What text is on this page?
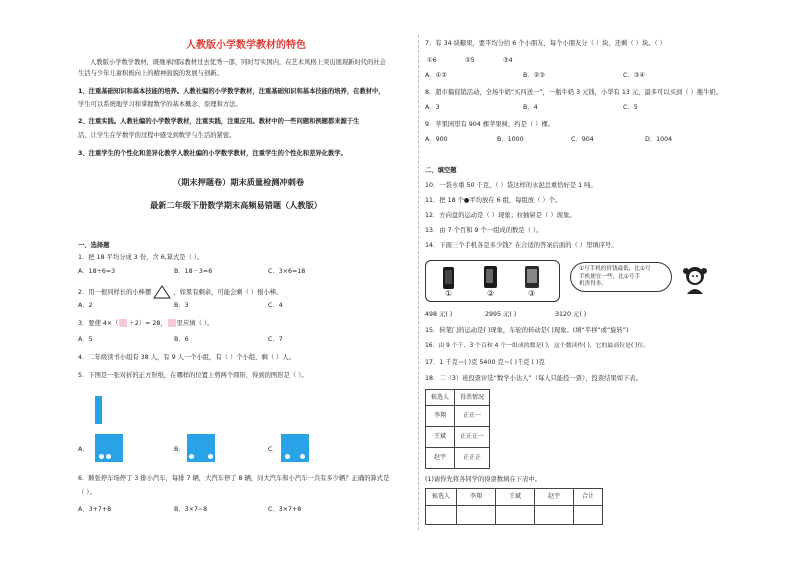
人教版小学数学教材的特色
人教版小学数学教材，既继承国际教材过去优秀一部，同时写实国内，在艺术风格上突出展现新时代的社会
生活与少年儿童积极向上的精神面貌的发展与创新。
1、注重基础知识和基本技能的培养。人教社编的小学数学教材，注重基础知识和基本技能的培养，在教材中，
学生可以系统地学习和掌握数学的基本概念、原理和方法。
2、注重实践。人教社编的小学数学教材，注重实践，注重应用。教材中的一些问题和例题都来源于生
活，让学生在学数学的过程中感受到数学与生活的紧密。
3、注重学生的个性化和差异化教学人教社编的小学数学教材，注重学生的个性化和差异化教学。
（期末押题卷）期末质量检测冲刺卷
最新二年级下册数学期末高频易错题（人教版）
一、选择题
1．把 18 平均分成 3 份，含 6,算式是（ ）。
A．18÷6=3	B．18－3=6	C．3×6=18
2．用一根同样长的小棒摆	，如果有剩余，可能会剩（ ）根小棒。
A．2	B．3	C．4
3．要使 4×（ ＋2）= 28， 里应填（ ）。
A．5	B．6	C．7
4．二年级读书小组有 38 人，有 9 人一个小组，有（ ）个小组，剩（ ）人。
5．下图是一张对折的正方形纸，在哪样的位置上剪两个圆形，得到的图形是（ ）。
A．	B．	C．
6．顺张停车场停了 3 排小汽车，每排 7 辆，大汽车停了 8 辆，问大汽车和小汽车一共有多少辆？正确的算式是
（ ）。
A．3+7+8	B．3×7−8	C．3×7+8
7．有 34 块糖果，要平均分给 6 个小朋友，每个小朋友分（ ）块，还剩（ ）块。（ ）
①6	②5	③4
A．①②	B．②③	C．③④
8．超市搞促销活动，全场牛奶“买四送一”，一瓶牛奶 3 元钱，小华有 13 元，最多可以买到（ ）瓶牛奶。
A．3	B．4	C．5
9．苹果园里有 904 棵苹果树，约是（ ）棵。
A．900	B．1000	C．904	D．1004
二、填空题
10．一袋水重 50 千克，（ ）袋这样的水泥总重恰好是 1 吨。
11．把 18 个●平均放在 6 组，每组放（ ）个。
12．方向盘的运动是（ ）现象；拉抽屉是（ ）现象。
13．由 7 个百和 9 个一组成的数是（ ）。
14．下面三个手机各是多少钱？在合适的答案后面的（ ）里填序号。
①	②	③
①号手机的价钱最低，比①号
手机便宜一些，比①号手
机贵得多。
498 元( )	2995 元( )	3120 元( )
15．转笔门的运动是( )现象，车轮的转动是( )现象。(填“平移”或“旋转”)
16．由 9 个千、3 个百和 4 个一组成的数是( )，这个数读作( )，它的最高位是( )位。
17．1 千克＝( )克 5400 克＝( )千克 ( )克
18．二（3）班投票评选“数学小达人”（每人只能投一票），投票结果如下表。
候选人	得票情况
李翔	正正一
王斌	正正正一
赵宇	正正正
(1)请你先将各同学的得票数填在下表中。
候选人	李翔	王斌	赵宇	合计
